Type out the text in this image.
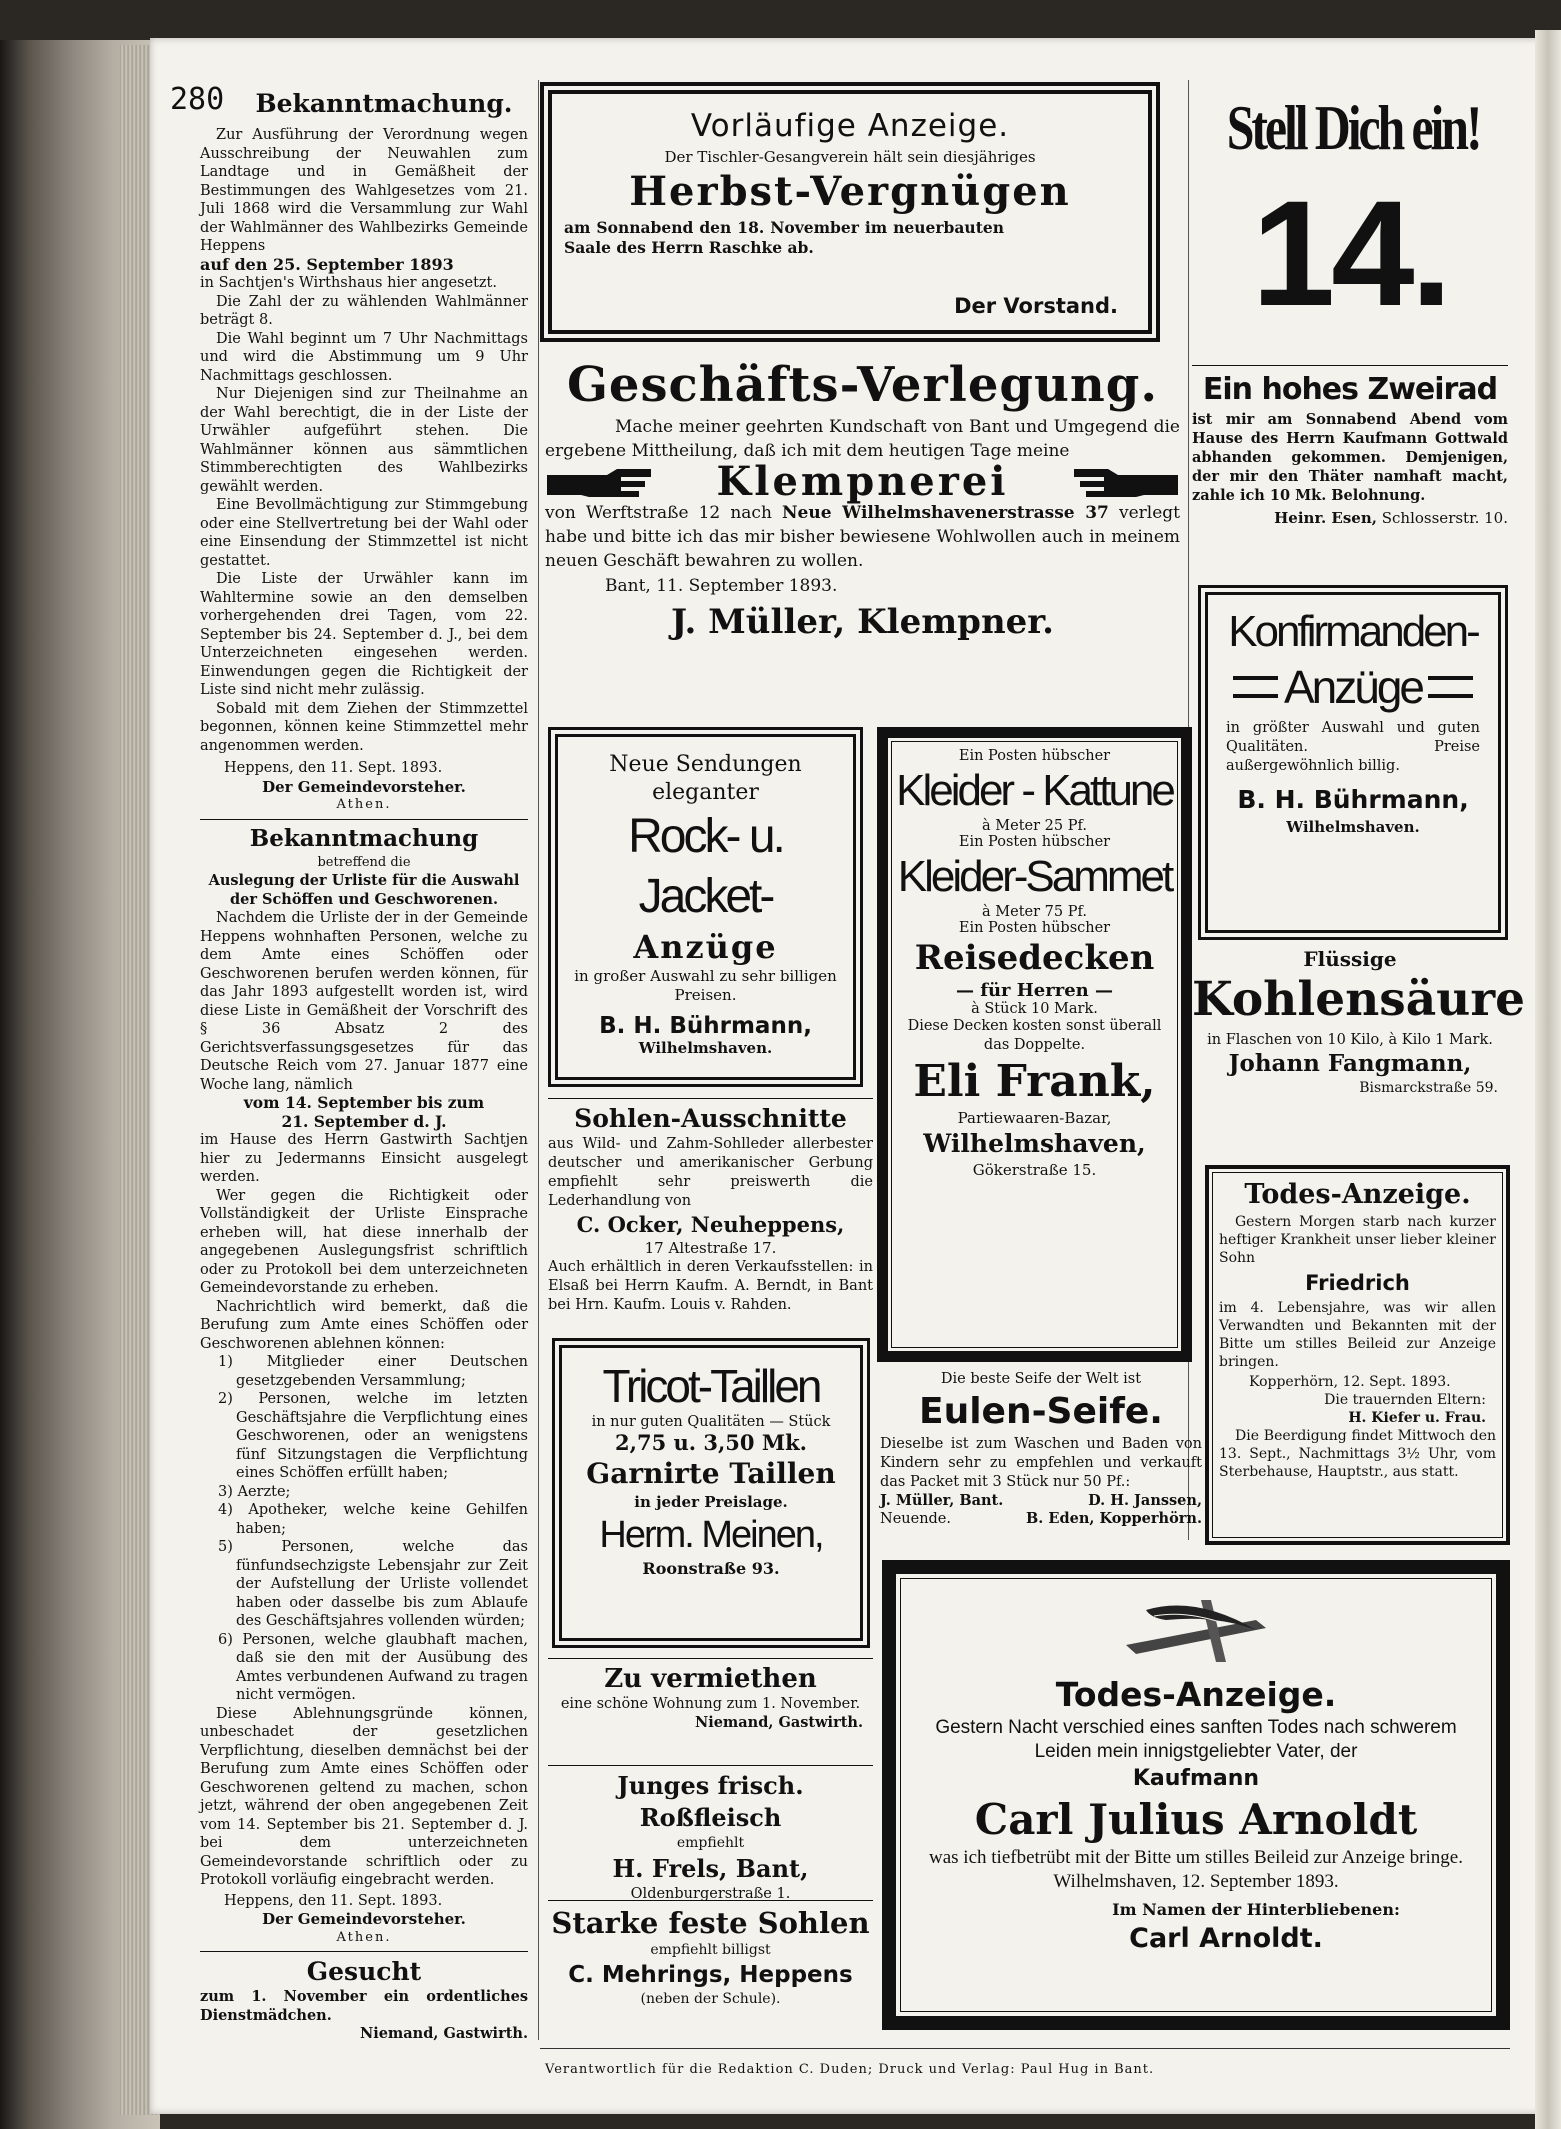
280	Bekanntmachung.
Zur Ausführung der Verordnung wegen Ausschreibung der Neuwahlen zum Landtage und in Gemäßheit der Bestimmungen des Wahlgesetzes vom 21. Juli 1868 wird die Versammlung zur Wahl der Wahlmänner des Wahlbezirks Gemeinde Heppens
auf den 25. September 1893
in Sachtjen's Wirthshaus hier angesetzt.
Die Zahl der zu wählenden Wahlmänner beträgt 8.
Die Wahl beginnt um 7 Uhr Nachmittags und wird die Abstimmung um 9 Uhr Nachmittags geschlossen.
Nur Diejenigen sind zur Theilnahme an der Wahl berechtigt, die in der Liste der Urwähler aufgeführt stehen. Die Wahlmänner können aus sämmtlichen Stimmberechtigten des Wahlbezirks gewählt werden.
Eine Bevollmächtigung zur Stimmgebung oder eine Stellvertretung bei der Wahl oder eine Einsendung der Stimmzettel ist nicht gestattet.
Die Liste der Urwähler kann im Wahltermine sowie an den demselben vorhergehenden drei Tagen, vom 22. September bis 24. September d. J., bei dem Unterzeichneten eingesehen werden. Einwendungen gegen die Richtigkeit der Liste sind nicht mehr zulässig.
Sobald mit dem Ziehen der Stimmzettel begonnen, können keine Stimmzettel mehr angenommen werden.
Heppens, den 11. Sept. 1893.
Der Gemeindevorsteher.
Athen.
Bekanntmachung
betreffend die
Auslegung der Urliste für die Auswahl der Schöffen und Geschworenen.
Nachdem die Urliste der in der Gemeinde Heppens wohnhaften Personen, welche zu dem Amte eines Schöffen oder Geschworenen berufen werden können, für das Jahr 1893 aufgestellt worden ist, wird diese Liste in Gemäßheit der Vorschrift des § 36 Absatz 2 des Gerichtsverfassungsgesetzes für das Deutsche Reich vom 27. Januar 1877 eine Woche lang, nämlich
vom 14. September bis zum
21. September d. J.
im Hause des Herrn Gastwirth Sachtjen hier zu Jedermanns Einsicht ausgelegt werden.
Wer gegen die Richtigkeit oder Vollständigkeit der Urliste Einsprache erheben will, hat diese innerhalb der angegebenen Auslegungsfrist schriftlich oder zu Protokoll bei dem unterzeichneten Gemeindevorstande zu erheben.
Nachrichtlich wird bemerkt, daß die Berufung zum Amte eines Schöffen oder Geschworenen ablehnen können:
1) Mitglieder einer Deutschen gesetzgebenden Versammlung;
2) Personen, welche im letzten Geschäftsjahre die Verpflichtung eines Geschworenen, oder an wenigstens fünf Sitzungstagen die Verpflichtung eines Schöffen erfüllt haben;
3) Aerzte;
4) Apotheker, welche keine Gehilfen haben;
5) Personen, welche das fünfundsechzigste Lebensjahr zur Zeit der Aufstellung der Urliste vollendet haben oder dasselbe bis zum Ablaufe des Geschäftsjahres vollenden würden;
6) Personen, welche glaubhaft machen, daß sie den mit der Ausübung des Amtes verbundenen Aufwand zu tragen nicht vermögen.
Diese Ablehnungsgründe können, unbeschadet der gesetzlichen Verpflichtung, dieselben demnächst bei der Berufung zum Amte eines Schöffen oder Geschworenen geltend zu machen, schon jetzt, während der oben angegebenen Zeit vom 14. September bis 21. September d. J. bei dem unterzeichneten Gemeindevorstande schriftlich oder zu Protokoll vorläufig eingebracht werden.
Heppens, den 11. Sept. 1893.
Der Gemeindevorsteher.
Athen.
Gesucht
zum 1. November ein ordentliches Dienstmädchen.
Niemand, Gastwirth.
Vorläufige Anzeige.
Der Tischler-Gesangverein hält sein diesjähriges
Herbst-Vergnügen
am Sonnabend den 18. November im neuerbauten Saale des Herrn Raschke ab.
Der Vorstand.
Geschäfts-Verlegung.
Mache meiner geehrten Kundschaft von Bant und Umgegend die ergebene Mittheilung, daß ich mit dem heutigen Tage meine
Klempnerei
von Werftstraße 12 nach Neue Wilhelmshavenerstrasse 37 verlegt habe und bitte ich das mir bisher bewiesene Wohlwollen auch in meinem neuen Geschäft bewahren zu wollen.
Bant, 11. September 1893.
J. Müller, Klempner.
Neue Sendungen
eleganter
Rock- u. Jacket-
Anzüge
in großer Auswahl zu sehr billigen Preisen.
B. H. Bührmann,
Wilhelmshaven.
Sohlen-Ausschnitte
aus Wild- und Zahm-Sohlleder allerbester deutscher und amerikanischer Gerbung empfiehlt sehr preiswerth die Lederhandlung von
C. Ocker, Neuheppens,
17 Altestraße 17.
Auch erhältlich in deren Verkaufsstellen: in Elsaß bei Herrn Kaufm. A. Berndt, in Bant bei Hrn. Kaufm. Louis v. Rahden.
Tricot-Taillen
in nur guten Qualitäten — Stück
2,75 u. 3,50 Mk.
Garnirte Taillen
in jeder Preislage.
Herm. Meinen,
Roonstraße 93.
Zu vermiethen
eine schöne Wohnung zum 1. November.
Niemand, Gastwirth.
Junges frisch. Roßfleisch
empfiehlt
H. Frels, Bant,
Oldenburgerstraße 1.
Starke feste Sohlen
empfiehlt billigst
C. Mehrings, Heppens
(neben der Schule).
Ein Posten hübscher
Kleider - Kattune
à Meter 25 Pf.
Ein Posten hübscher
Kleider-Sammet
à Meter 75 Pf.
Ein Posten hübscher
Reisedecken
— für Herren —
à Stück 10 Mark.
Diese Decken kosten sonst überall das Doppelte.
Eli Frank,
Partiewaaren-Bazar,
Wilhelmshaven,
Gökerstraße 15.
Die beste Seife der Welt ist
Eulen-Seife.
Dieselbe ist zum Waschen und Baden von Kindern sehr zu empfehlen und verkauft das Packet mit 3 Stück nur 50 Pf.:
J. Müller, Bant.	D. H. Janssen,
Neuende.	B. Eden, Kopperhörn.
Stell Dich ein!
14.
Ein hohes Zweirad
ist mir am Sonnabend Abend vom Hause des Herrn Kaufmann Gottwald abhanden gekommen. Demjenigen, der mir den Thäter namhaft macht, zahle ich 10 Mk. Belohnung.
Heinr. Esen, Schlosserstr. 10.
Konfirmanden-
Anzüge
in größter Auswahl und guten Qualitäten. Preise außergewöhnlich billig.
B. H. Bührmann,
Wilhelmshaven.
Flüssige
Kohlensäure
in Flaschen von 10 Kilo, à Kilo 1 Mark.
Johann Fangmann,
Bismarckstraße 59.
Todes-Anzeige.
Gestern Morgen starb nach kurzer heftiger Krankheit unser lieber kleiner Sohn
Friedrich
im 4. Lebensjahre, was wir allen Verwandten und Bekannten mit der Bitte um stilles Beileid zur Anzeige bringen.
Kopperhörn, 12. Sept. 1893.
Die trauernden Eltern:
H. Kiefer u. Frau.
Die Beerdigung findet Mittwoch den 13. Sept., Nachmittags 3½ Uhr, vom Sterbehause, Hauptstr., aus statt.
Todes-Anzeige.
Gestern Nacht verschied eines sanften Todes nach schwerem Leiden mein innigstgeliebter Vater, der
Kaufmann
Carl Julius Arnoldt
was ich tiefbetrübt mit der Bitte um stilles Beileid zur Anzeige bringe.
Wilhelmshaven, 12. September 1893.
Im Namen der Hinterbliebenen:
Carl Arnoldt.
Verantwortlich für die Redaktion C. Duden; Druck und Verlag: Paul Hug in Bant.
